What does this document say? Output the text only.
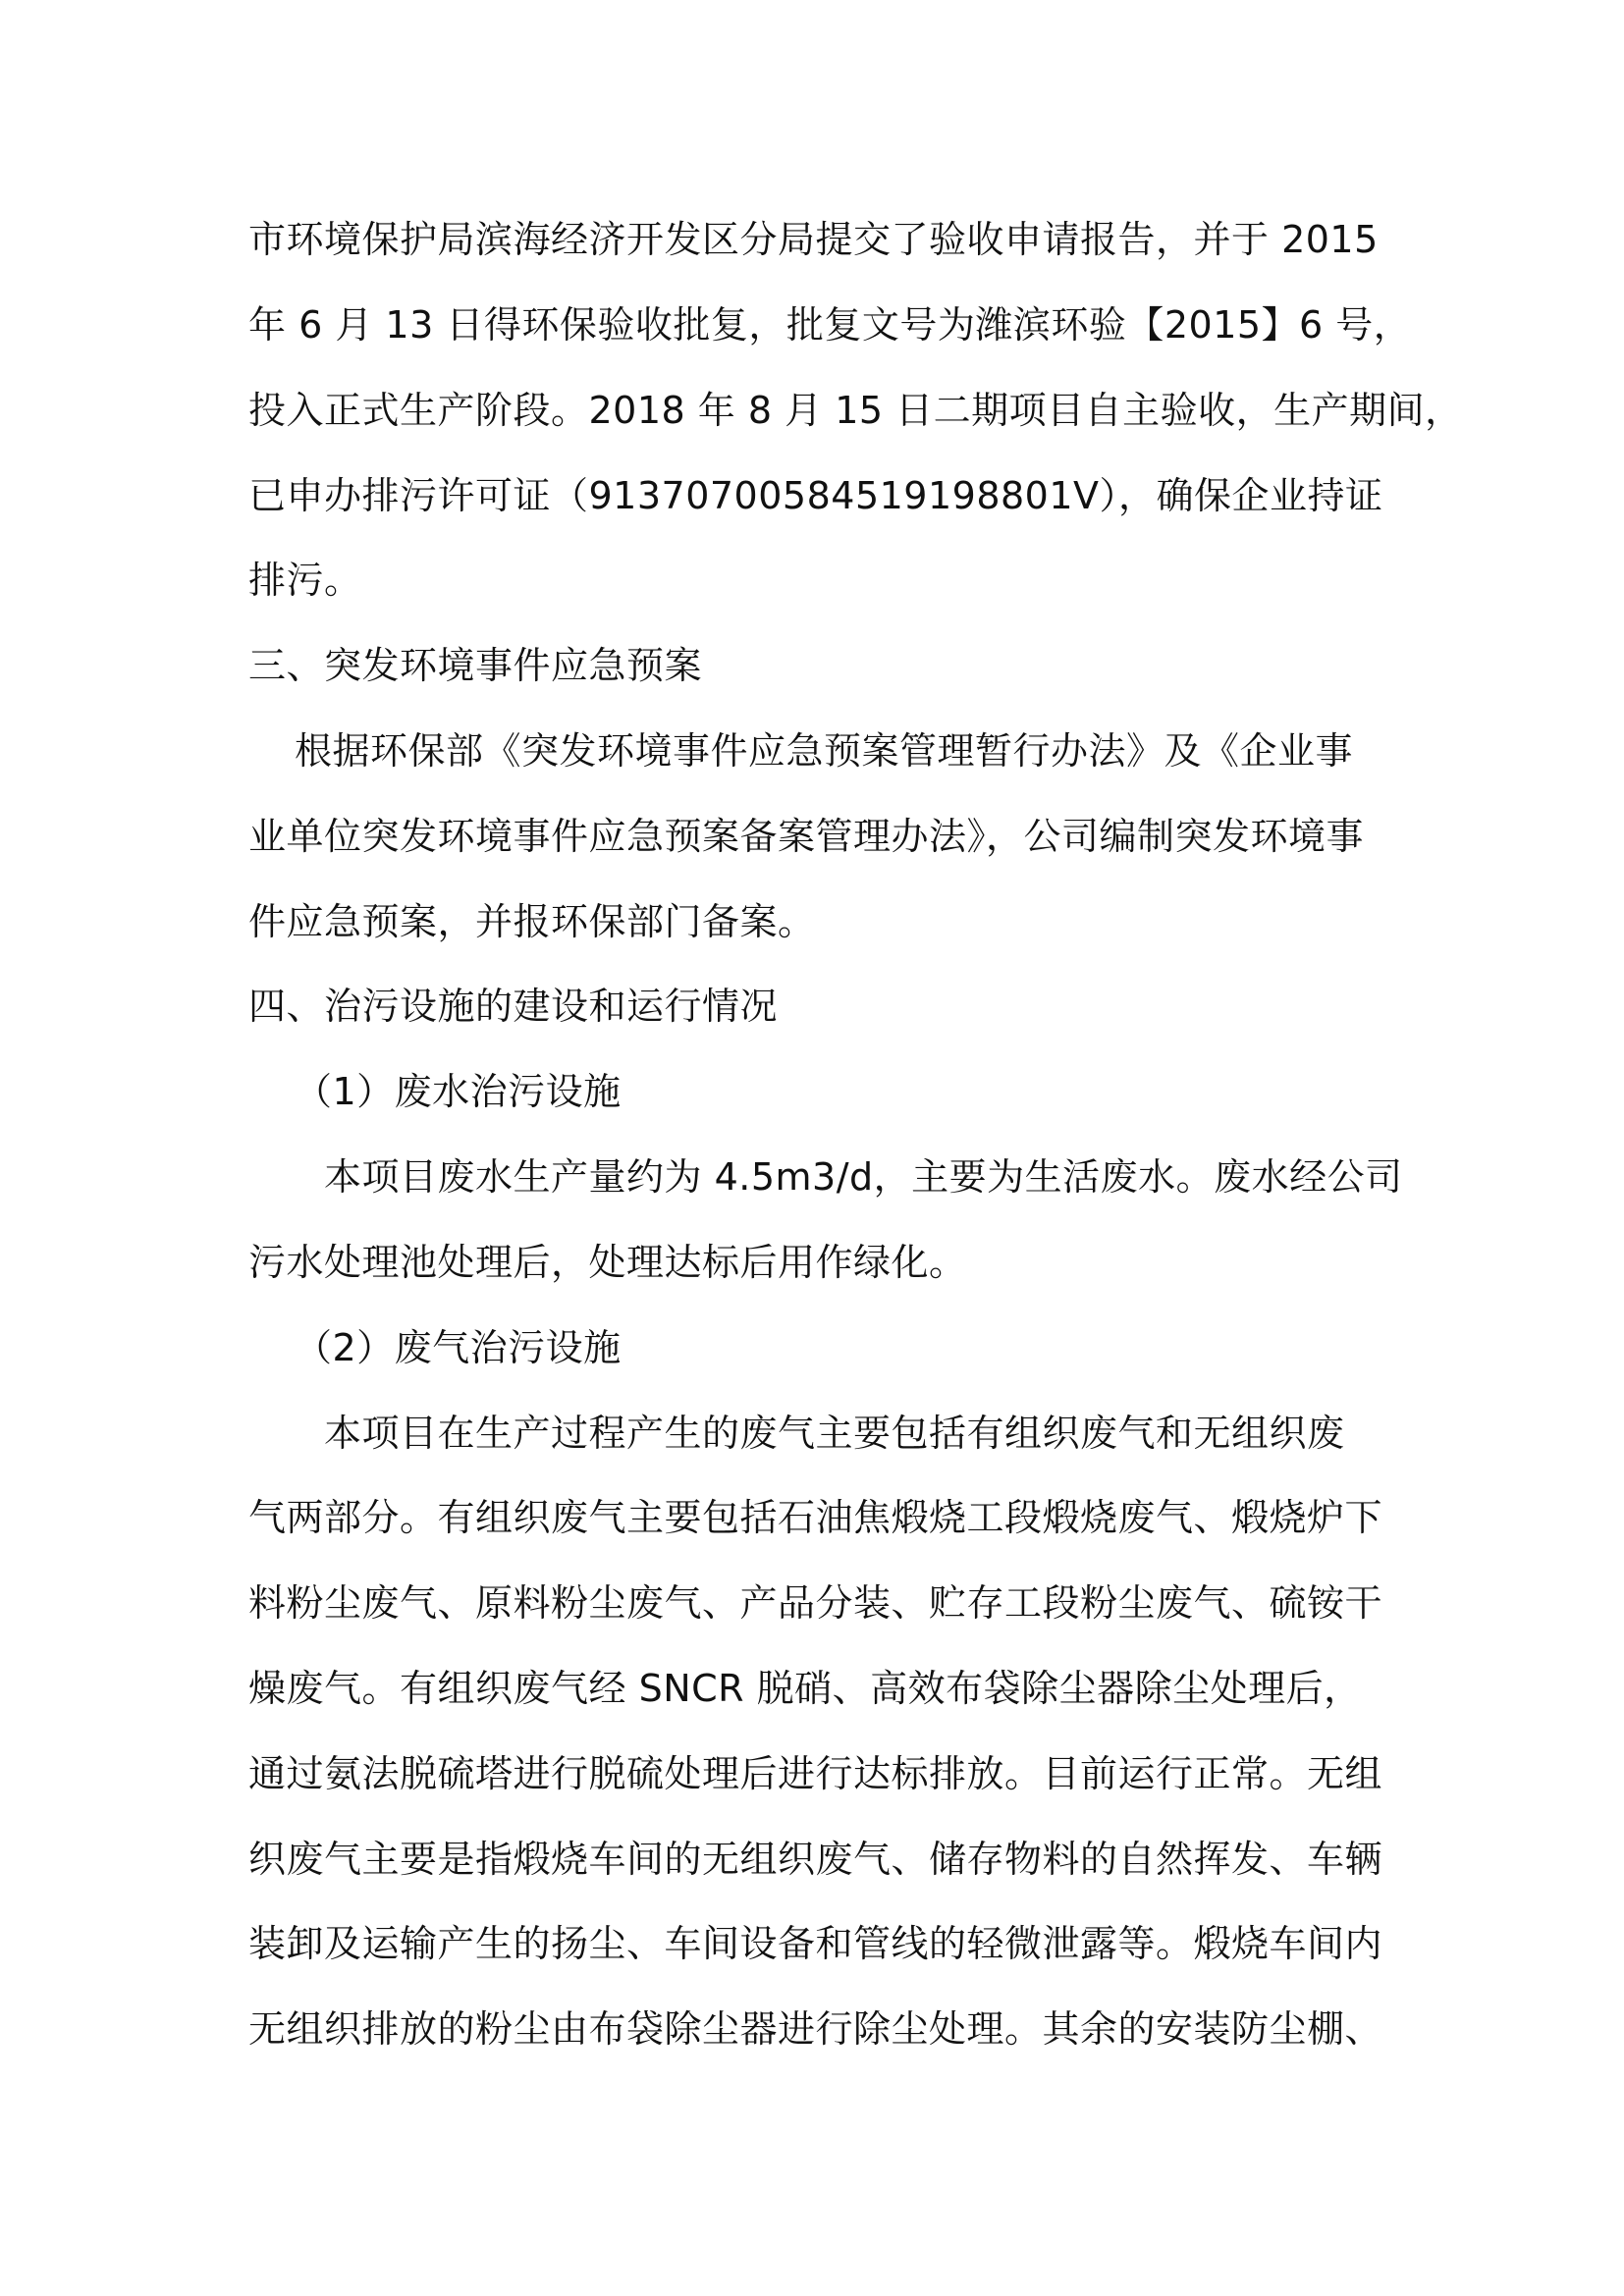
市环境保护局滨海经济开发区分局提交了验收申请报告，并于 2015
年 6 月 13 日得环保验收批复，批复文号为潍滨环验【2015】6 号，
投入正式生产阶段。2018 年 8 月 15 日二期项目自主验收，生产期间，
已申办排污许可证（91370700584519198801V），确保企业持证
排污。
三、突发环境事件应急预案
根据环保部《突发环境事件应急预案管理暂行办法》及《企业事
业单位突发环境事件应急预案备案管理办法》，公司编制突发环境事
件应急预案，并报环保部门备案。
四、治污设施的建设和运行情况
（1）废水治污设施
本项目废水生产量约为 4.5m3/d，主要为生活废水。废水经公司
污水处理池处理后，处理达标后用作绿化。
（2）废气治污设施
本项目在生产过程产生的废气主要包括有组织废气和无组织废
气两部分。有组织废气主要包括石油焦煅烧工段煅烧废气、煅烧炉下
料粉尘废气、原料粉尘废气、产品分装、贮存工段粉尘废气、硫铵干
燥废气。有组织废气经 SNCR 脱硝、高效布袋除尘器除尘处理后，
通过氨法脱硫塔进行脱硫处理后进行达标排放。目前运行正常。无组
织废气主要是指煅烧车间的无组织废气、储存物料的自然挥发、车辆
装卸及运输产生的扬尘、车间设备和管线的轻微泄露等。煅烧车间内
无组织排放的粉尘由布袋除尘器进行除尘处理。其余的安装防尘棚、
